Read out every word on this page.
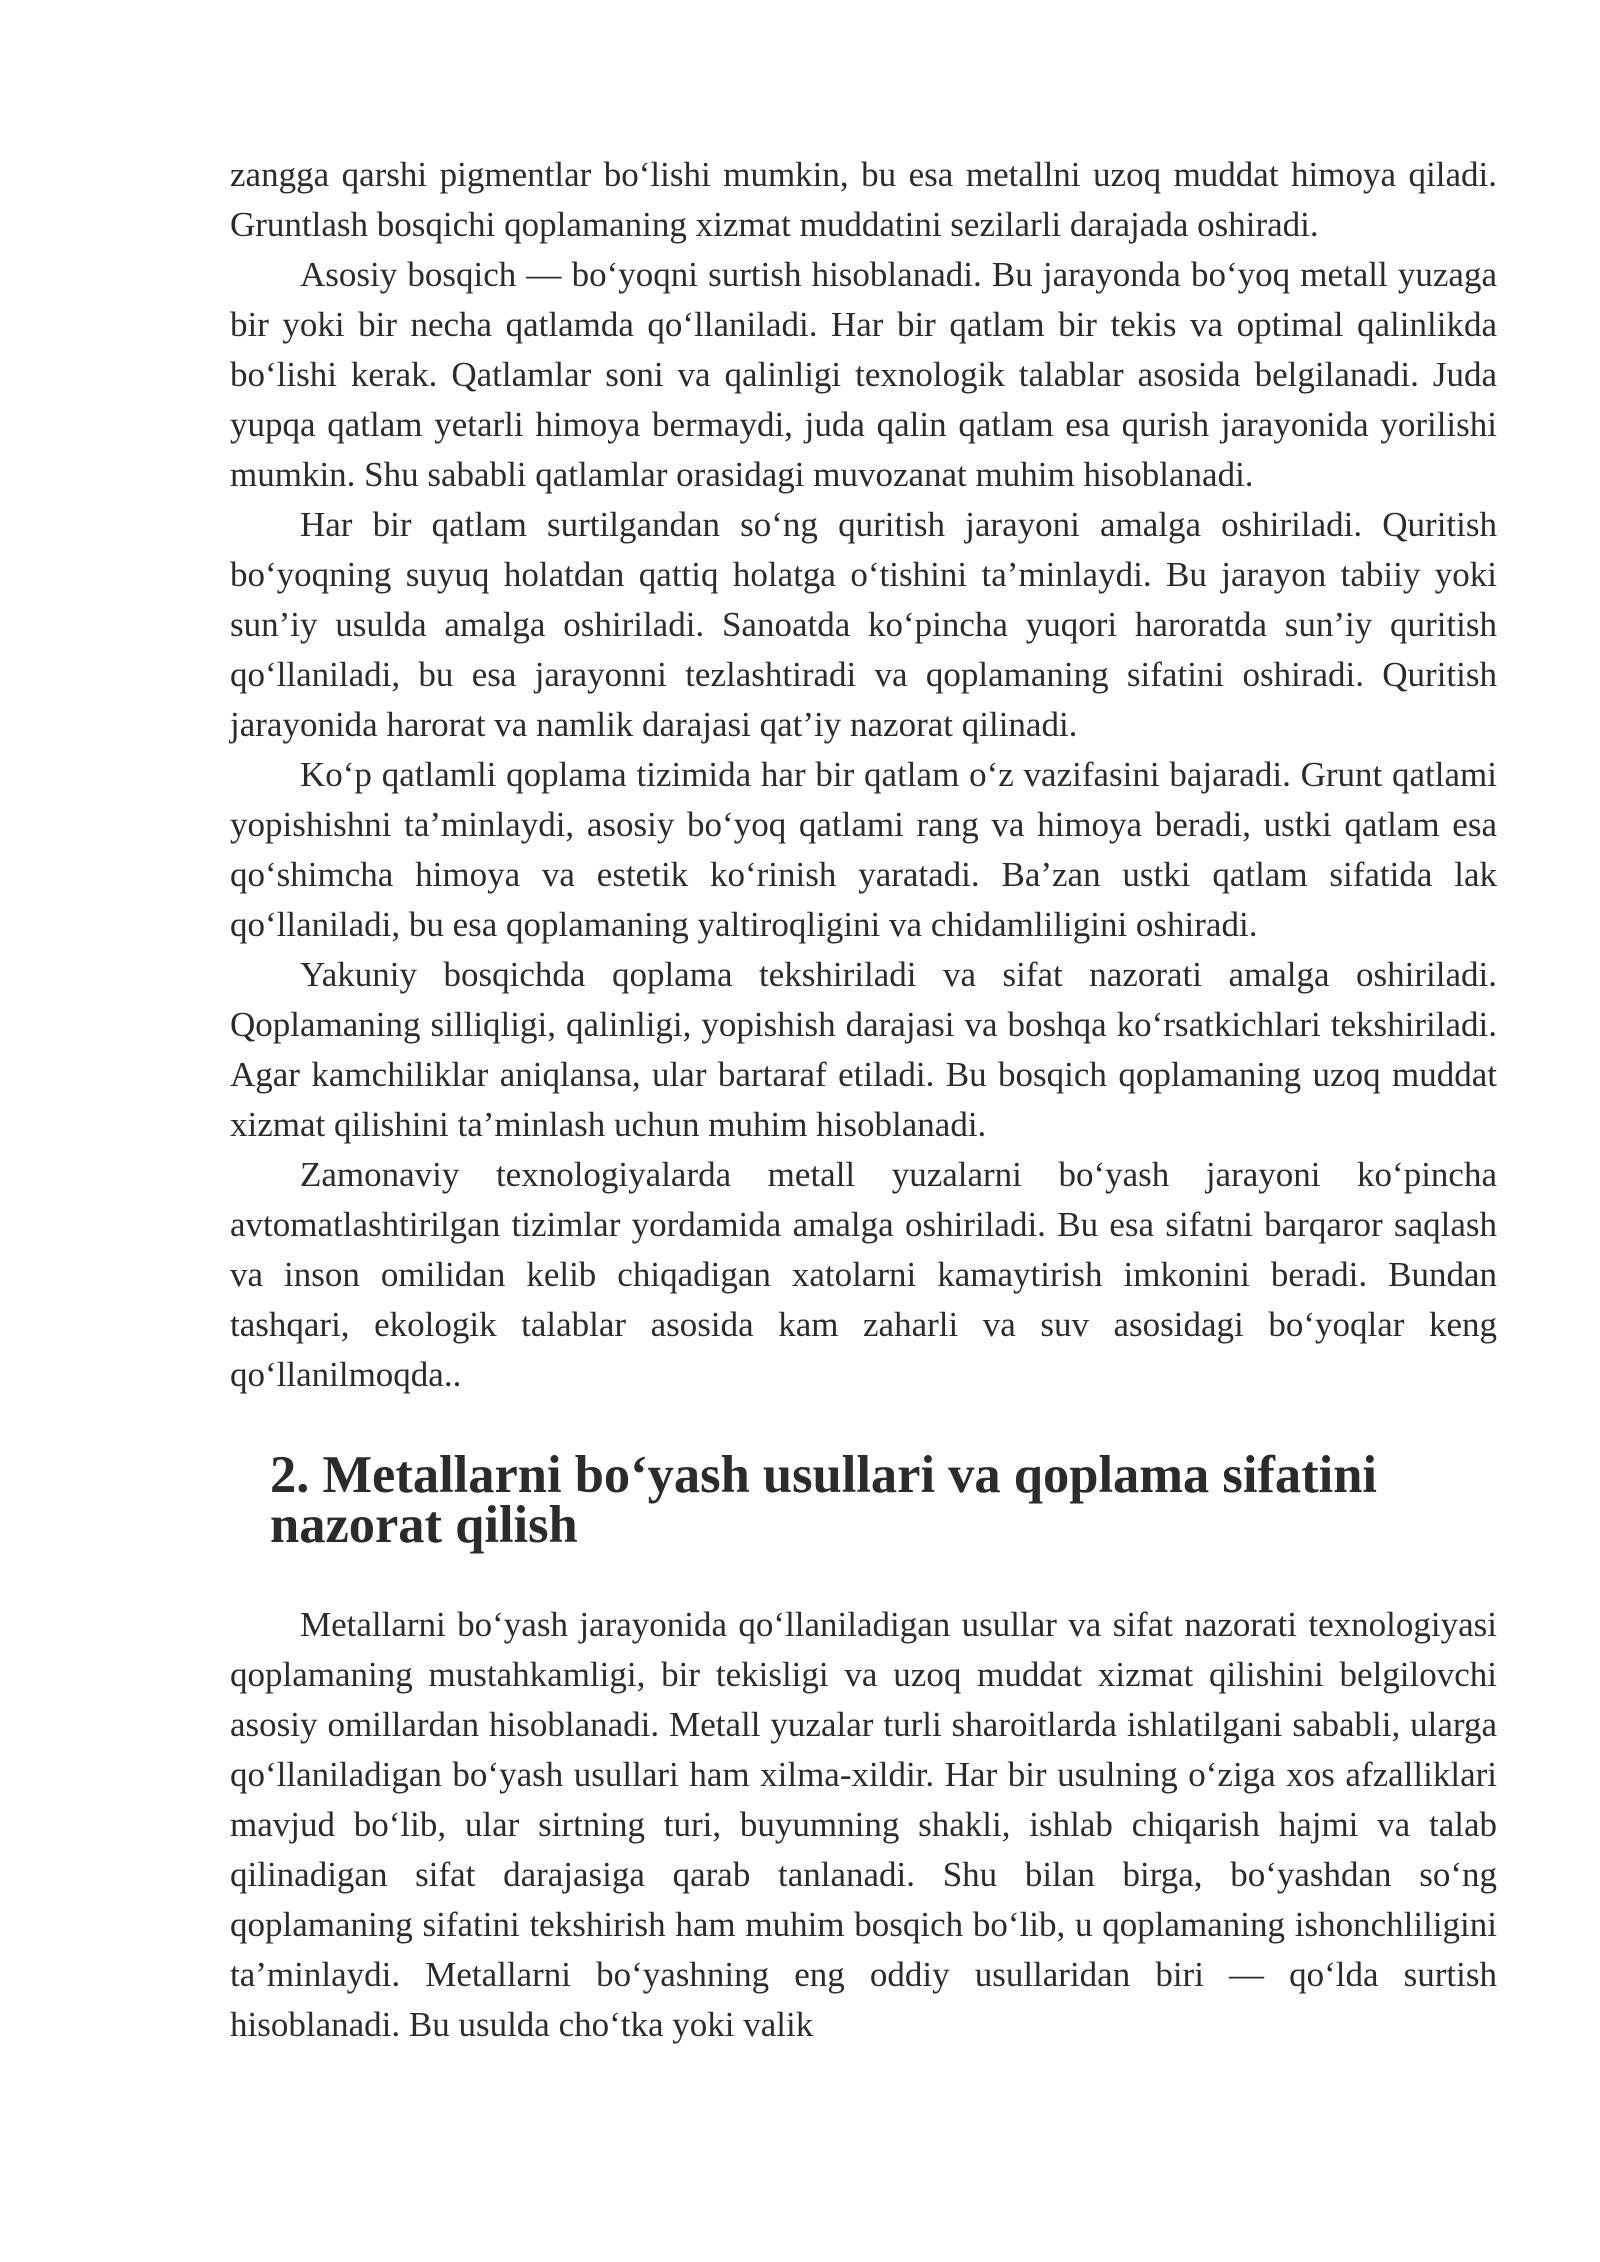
zangga qarshi pigmentlar bo‘lishi mumkin, bu esa metallni uzoq muddat himoya qiladi. Gruntlash bosqichi qoplamaning xizmat muddatini sezilarli darajada oshiradi.

Asosiy bosqich — bo‘yoqni surtish hisoblanadi. Bu jarayonda bo‘yoq metall yuzaga bir yoki bir necha qatlamda qo‘llaniladi. Har bir qatlam bir tekis va optimal qalinlikda bo‘lishi kerak. Qatlamlar soni va qalinligi texnologik talablar asosida belgilanadi. Juda yupqa qatlam yetarli himoya bermaydi, juda qalin qatlam esa qurish jarayonida yorilishi mumkin. Shu sababli qatlamlar orasidagi muvozanat muhim hisoblanadi.

Har bir qatlam surtilgandan so‘ng quritish jarayoni amalga oshiriladi. Quritish bo‘yoqning suyuq holatdan qattiq holatga o‘tishini ta’minlaydi. Bu jarayon tabiiy yoki sun’iy usulda amalga oshiriladi. Sanoatda ko‘pincha yuqori haroratda sun’iy quritish qo‘llaniladi, bu esa jarayonni tezlashtiradi va qoplamaning sifatini oshiradi. Quritish jarayonida harorat va namlik darajasi qat’iy nazorat qilinadi.

Ko‘p qatlamli qoplama tizimida har bir qatlam o‘z vazifasini bajaradi. Grunt qatlami yopishishni ta’minlaydi, asosiy bo‘yoq qatlami rang va himoya beradi, ustki qatlam esa qo‘shimcha himoya va estetik ko‘rinish yaratadi. Ba’zan ustki qatlam sifatida lak qo‘llaniladi, bu esa qoplamaning yaltiroqligini va chidamliligini oshiradi.

Yakuniy bosqichda qoplama tekshiriladi va sifat nazorati amalga oshiriladi. Qoplamaning silliqligi, qalinligi, yopishish darajasi va boshqa ko‘rsatkichlari tekshiriladi. Agar kamchiliklar aniqlansa, ular bartaraf etiladi. Bu bosqich qoplamaning uzoq muddat xizmat qilishini ta’minlash uchun muhim hisoblanadi.

Zamonaviy texnologiyalarda metall yuzalarni bo‘yash jarayoni ko‘pincha avtomatlashtirilgan tizimlar yordamida amalga oshiriladi. Bu esa sifatni barqaror saqlash va inson omilidan kelib chiqadigan xatolarni kamaytirish imkonini beradi. Bundan tashqari, ekologik talablar asosida kam zaharli va suv asosidagi bo‘yoqlar keng qo‘llanilmoqda..

2. Metallarni bo‘yash usullari va qoplama sifatini nazorat qilish

Metallarni bo‘yash jarayonida qo‘llaniladigan usullar va sifat nazorati texnologiyasi qoplamaning mustahkamligi, bir tekisligi va uzoq muddat xizmat qilishini belgilovchi asosiy omillardan hisoblanadi. Metall yuzalar turli sharoitlarda ishlatilgani sababli, ularga qo‘llaniladigan bo‘yash usullari ham xilma-xildir. Har bir usulning o‘ziga xos afzalliklari mavjud bo‘lib, ular sirtning turi, buyumning shakli, ishlab chiqarish hajmi va talab qilinadigan sifat darajasiga qarab tanlanadi. Shu bilan birga, bo‘yashdan so‘ng qoplamaning sifatini tekshirish ham muhim bosqich bo‘lib, u qoplamaning ishonchliligini ta’minlaydi. Metallarni bo‘yashning eng oddiy usullaridan biri — qo‘lda surtish hisoblanadi. Bu usulda cho‘tka yoki valik
